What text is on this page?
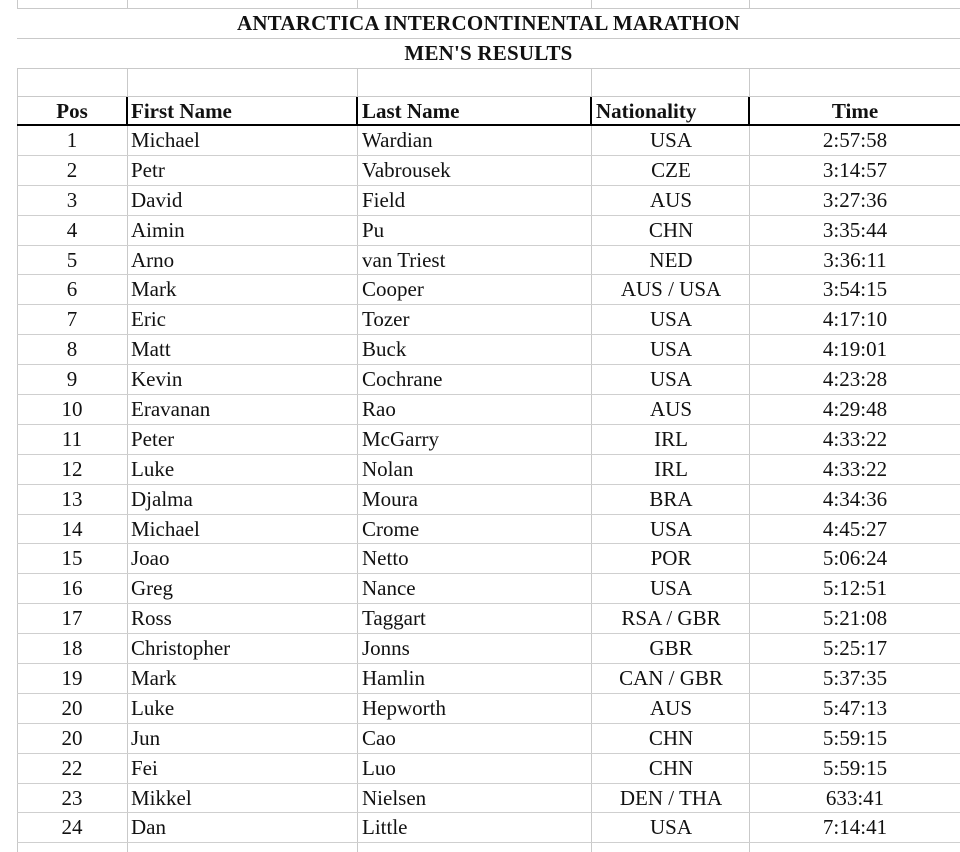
ANTARCTICA INTERCONTINENTAL MARATHON
MEN'S RESULTS
Pos	First Name	Last Name	Nationality	Time
1	Michael	Wardian	USA	2:57:58
2	Petr	Vabrousek	CZE	3:14:57
3	David	Field	AUS	3:27:36
4	Aimin	Pu	CHN	3:35:44
5	Arno	van Triest	NED	3:36:11
6	Mark	Cooper	AUS / USA	3:54:15
7	Eric	Tozer	USA	4:17:10
8	Matt	Buck	USA	4:19:01
9	Kevin	Cochrane	USA	4:23:28
10	Eravanan	Rao	AUS	4:29:48
11	Peter	McGarry	IRL	4:33:22
12	Luke	Nolan	IRL	4:33:22
13	Djalma	Moura	BRA	4:34:36
14	Michael	Crome	USA	4:45:27
15	Joao	Netto	POR	5:06:24
16	Greg	Nance	USA	5:12:51
17	Ross	Taggart	RSA / GBR	5:21:08
18	Christopher	Jonns	GBR	5:25:17
19	Mark	Hamlin	CAN / GBR	5:37:35
20	Luke	Hepworth	AUS	5:47:13
20	Jun	Cao	CHN	5:59:15
22	Fei	Luo	CHN	5:59:15
23	Mikkel	Nielsen	DEN / THA	633:41
24	Dan	Little	USA	7:14:41
